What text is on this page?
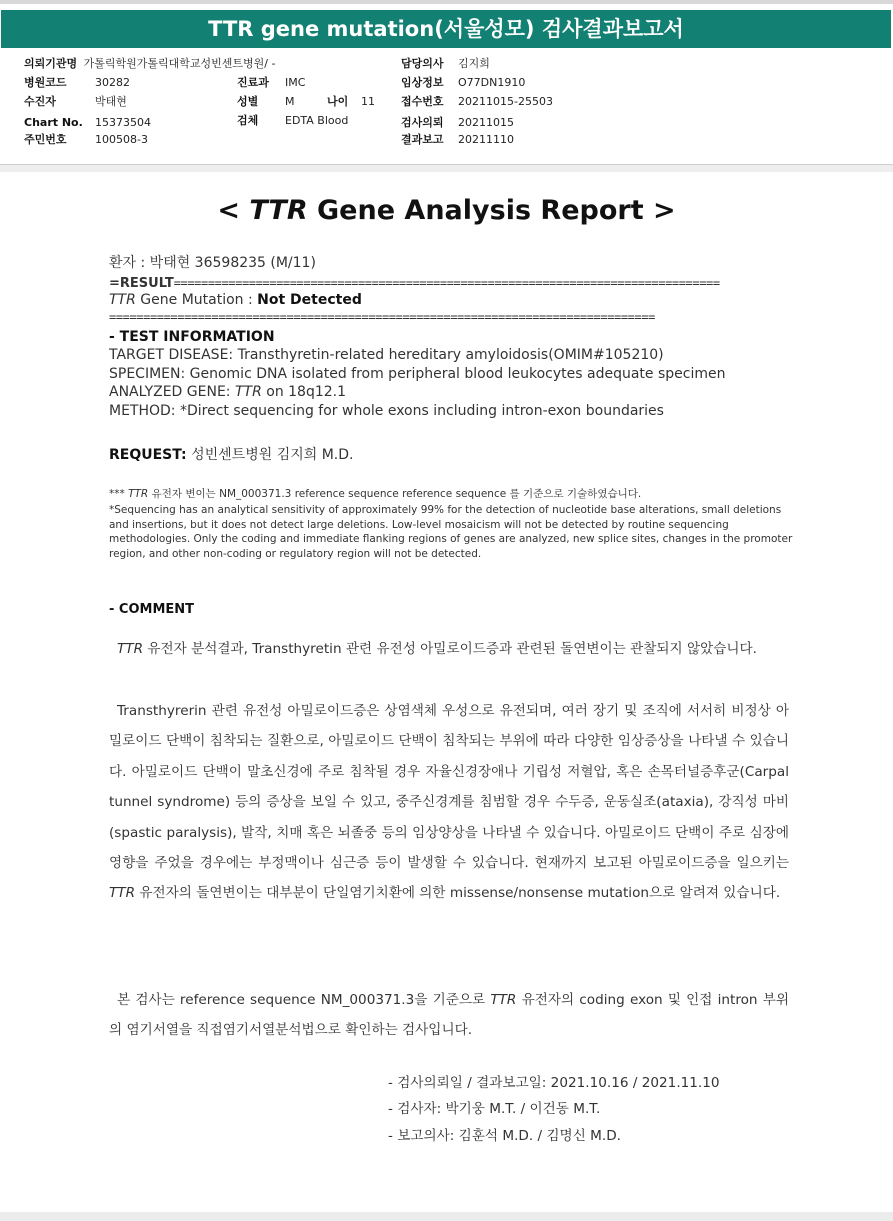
TTR gene mutation(서울성모) 검사결과보고서
의뢰기관명 가톨릭학원가톨릭대학교성빈센트병원/ -
병원코드	30282
수진자	박태현
Chart No. 15373504
주민번호	100508-3
진료과 IMC
성별 M	나이 11
검체 EDTA Blood
담당의사 김지희
임상정보 O77DN1910
접수번호 20211015-25503
검사의뢰 20211015
결과보고 20211110
< TTR Gene Analysis Report >
환자 : 박태현 36598235 (M/11)
=RESULT================================================================================
TTR Gene Mutation : Not Detected
================================================================================
- TEST INFORMATION
TARGET DISEASE: Transthyretin-related hereditary amyloidosis(OMIM#105210)
SPECIMEN: Genomic DNA isolated from peripheral blood leukocytes adequate specimen
ANALYZED GENE: TTR on 18q12.1
METHOD: *Direct sequencing for whole exons including intron-exon boundaries
REQUEST: 성빈센트병원 김지희 M.D.
*** TTR 유전자 변이는 NM_000371.3 reference sequence reference sequence 를 기준으로 기술하였습니다.
*Sequencing has an analytical sensitivity of approximately 99% for the detection of nucleotide base alterations, small deletions and insertions, but it does not detect large deletions. Low-level mosaicism will not be detected by routine sequencing methodologies. Only the coding and immediate flanking regions of genes are analyzed, new splice sites, changes in the promoter region, and other non-coding or regulatory region will not be detected.
- COMMENT
TTR 유전자 분석결과, Transthyretin 관련 유전성 아밀로이드증과 관련된 돌연변이는 관찰되지 않았습니다.
Transthyrerin 관련 유전성 아밀로이드증은 상염색체 우성으로 유전되며, 여러 장기 및 조직에 서서히 비정상 아밀로이드 단백이 침착되는 질환으로, 아밀로이드 단백이 침착되는 부위에 따라 다양한 임상증상을 나타낼 수 있습니다. 아밀로이드 단백이 말초신경에 주로 침착될 경우 자율신경장애나 기립성 저혈압, 혹은 손목터널증후군(Carpal tunnel syndrome) 등의 증상을 보일 수 있고, 중주신경계를 침범할 경우 수두증, 운동실조(ataxia), 강직성 마비(spastic paralysis), 발작, 치매 혹은 뇌졸중 등의 임상양상을 나타낼 수 있습니다. 아밀로이드 단백이 주로 심장에 영향을 주었을 경우에는 부정맥이나 심근증 등이 발생할 수 있습니다. 현재까지 보고된 아밀로이드증을 일으키는 TTR 유전자의 돌연변이는 대부분이 단일염기치환에 의한 missense/nonsense mutation으로 알려져 있습니다.
본 검사는 reference sequence NM_000371.3을 기준으로 TTR 유전자의 coding exon 및 인접 intron 부위의 염기서열을 직접염기서열분석법으로 확인하는 검사입니다.
- 검사의뢰일 / 결과보고일: 2021.10.16 / 2021.11.10
- 검사자: 박기웅 M.T. / 이건동 M.T.
- 보고의사: 김훈석 M.D. / 김명신 M.D.
